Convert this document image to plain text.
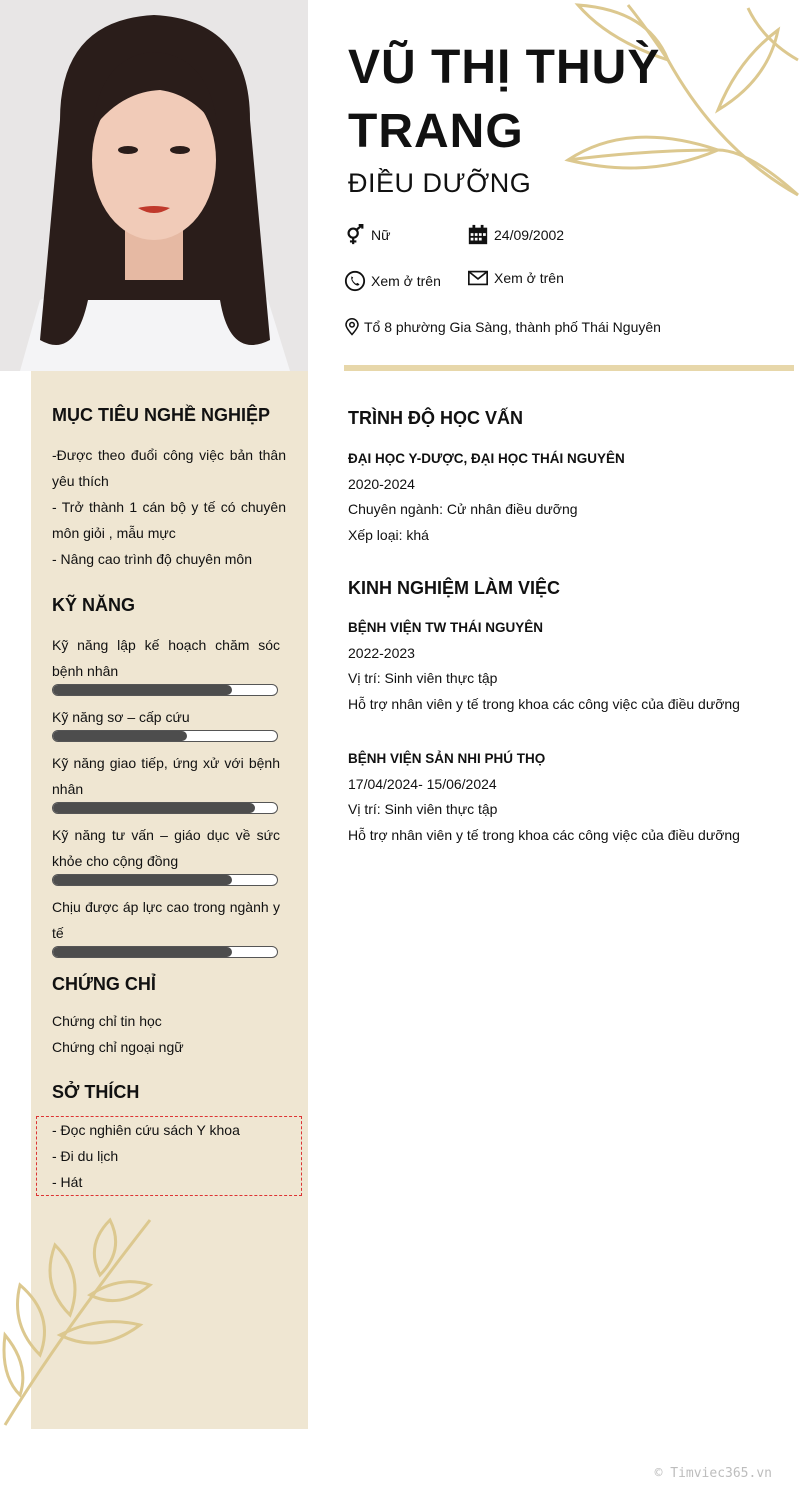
VŨ THỊ THUỲ
TRANG
ĐIỀU DƯỠNG
Nữ	24/09/2002
Xem ở trên	Xem ở trên
Tổ 8 phường Gia Sàng, thành phố Thái Nguyên
MỤC TIÊU NGHỀ NGHIỆP
-Được theo đuổi công việc bản thân yêu thích
- Trở thành 1 cán bộ y tế có chuyên môn giỏi , mẫu mực
- Nâng cao trình độ chuyên môn
KỸ NĂNG
Kỹ năng lập kế hoạch chăm sóc bệnh nhân
Kỹ năng sơ – cấp cứu
Kỹ năng giao tiếp, ứng xử với bệnh nhân
Kỹ năng tư vấn – giáo dục về sức khỏe cho cộng đồng
Chịu được áp lực cao trong ngành y tế
CHỨNG CHỈ
Chứng chỉ tin học
Chứng chỉ ngoại ngữ
SỞ THÍCH
- Đọc nghiên cứu sách Y khoa
- Đi du lịch
- Hát
TRÌNH ĐỘ HỌC VẤN
ĐẠI HỌC Y-DƯỢC, ĐẠI HỌC THÁI NGUYÊN
2020-2024
Chuyên ngành: Cử nhân điều dưỡng
Xếp loại: khá
KINH NGHIỆM LÀM VIỆC
BỆNH VIỆN TW THÁI NGUYÊN
2022-2023
Vị trí: Sinh viên thực tập
Hỗ trợ nhân viên y tế trong khoa các công việc của điều dưỡng
BỆNH VIỆN SẢN NHI PHÚ THỌ
17/04/2024- 15/06/2024
Vị trí: Sinh viên thực tập
Hỗ trợ nhân viên y tế trong khoa các công việc của điều dưỡng
© Timviec365.vn
